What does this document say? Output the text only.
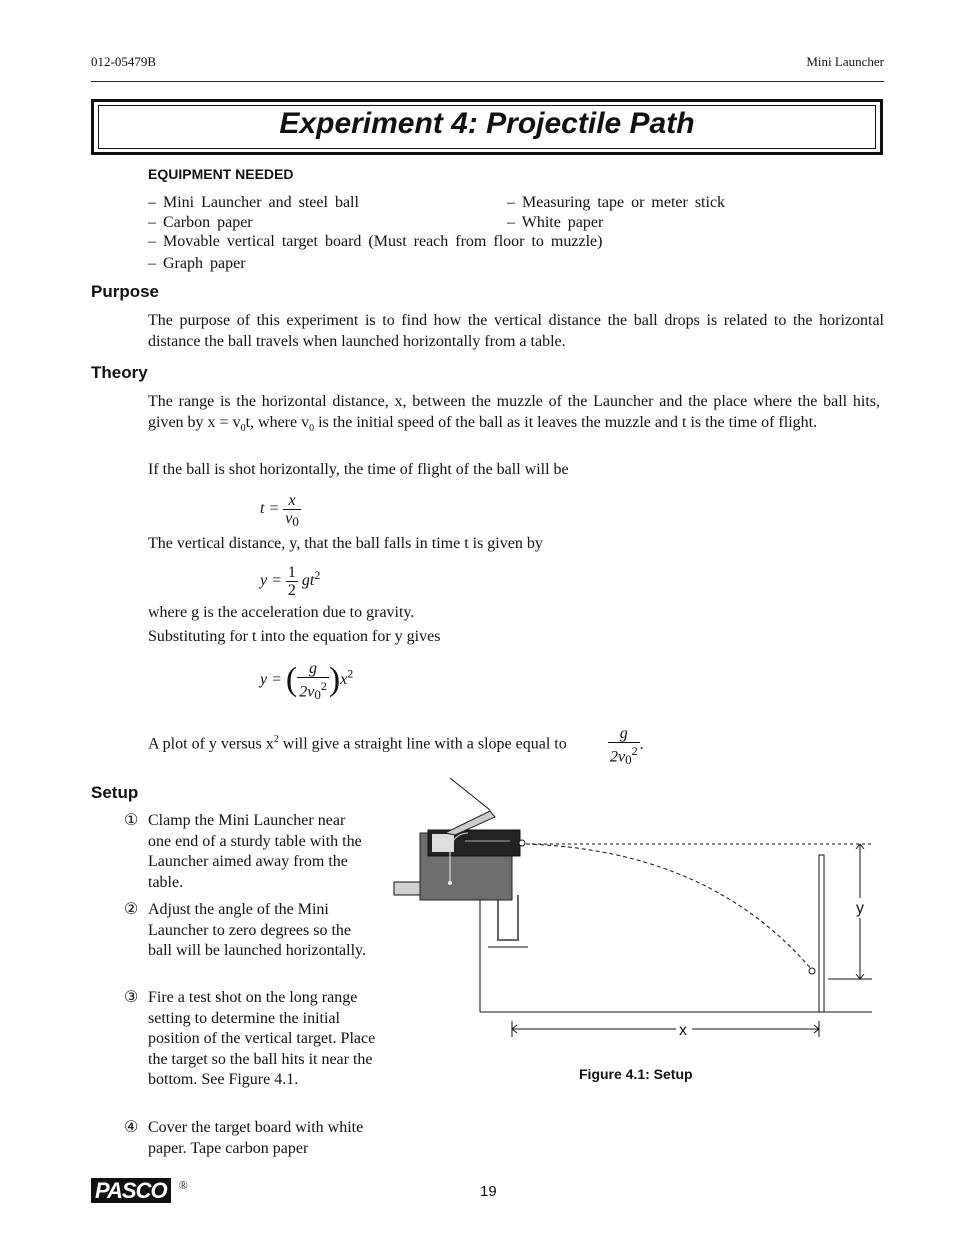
012-05479B	Mini Launcher
Experiment 4: Projectile Path
EQUIPMENT NEEDED
– Mini Launcher and steel ball	– Measuring tape or meter stick
– Carbon paper	– White paper
– Movable vertical target board (Must reach from floor to muzzle)
– Graph paper
Purpose
The purpose of this experiment is to find how the vertical distance the ball drops is related to the horizontal distance the ball travels when launched horizontally from a table.
Theory
The range is the horizontal distance, x, between the muzzle of the Launcher and the place where the ball hits, given by $x = v_0t$, where $v_0$ is the initial speed of the ball as it leaves the muzzle and t is the time of flight.
If the ball is shot horizontally, the time of flight of the ball will be
$t = \frac{x}{v0}$
The vertical distance, y, that the ball falls in time t is given by
$y = \frac{1}{2} gt^2$
where g is the acceleration due to gravity.
Substituting for t into the equation for y gives
y = ( $\frac{g}{2v0^2} )x^2$
A plot of y versus $x^2$ will give a straight line with a slope equal to	$\frac{g}{2v0^2}$ .
Setup
① Clamp the Mini Launcher near one end of a sturdy table with the Launcher aimed away from the table.
② Adjust the angle of the Mini Launcher to zero degrees so the ball will be launched horizontally.
③ Fire a test shot on the long range setting to determine the initial position of the vertical target. Place the target so the ball hits it near the bottom. See Figure 4.1.
④ Cover the target board with white paper. Tape carbon paper
y
x
Figure 4.1: Setup
PASCO ®	19
